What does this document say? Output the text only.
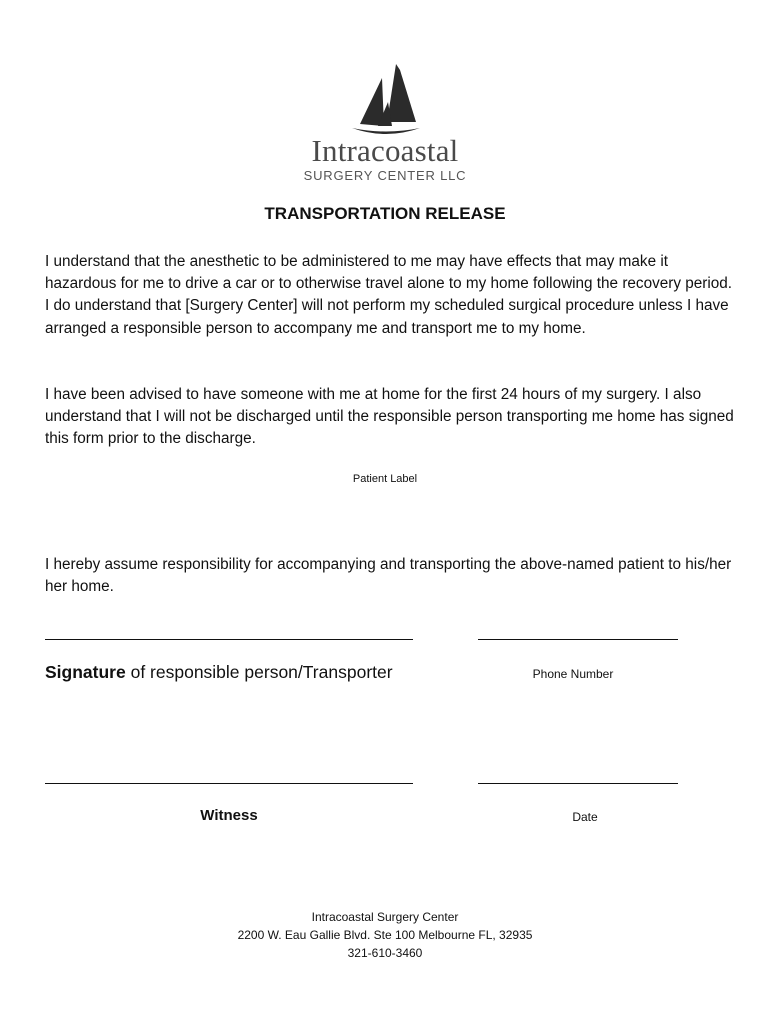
Intracoastal
SURGERY CENTER LLC
TRANSPORTATION RELEASE

I understand that the anesthetic to be administered to me may have effects that may make it hazardous for me to drive a car or to otherwise travel alone to my home following the recovery period. I do understand that [Surgery Center] will not perform my scheduled surgical procedure unless I have arranged a responsible person to accompany me and transport me to my home.

I have been advised to have someone with me at home for the first 24 hours of my surgery. I also understand that I will not be discharged until the responsible person transporting me home has signed this form prior to the discharge.

Patient Label

I hereby assume responsibility for accompanying and transporting the above-named patient to his/her her home.

Signature of responsible person/Transporter	Phone Number
Witness	Date
Intracoastal Surgery Center
2200 W. Eau Gallie Blvd. Ste 100 Melbourne FL, 32935
321-610-3460
